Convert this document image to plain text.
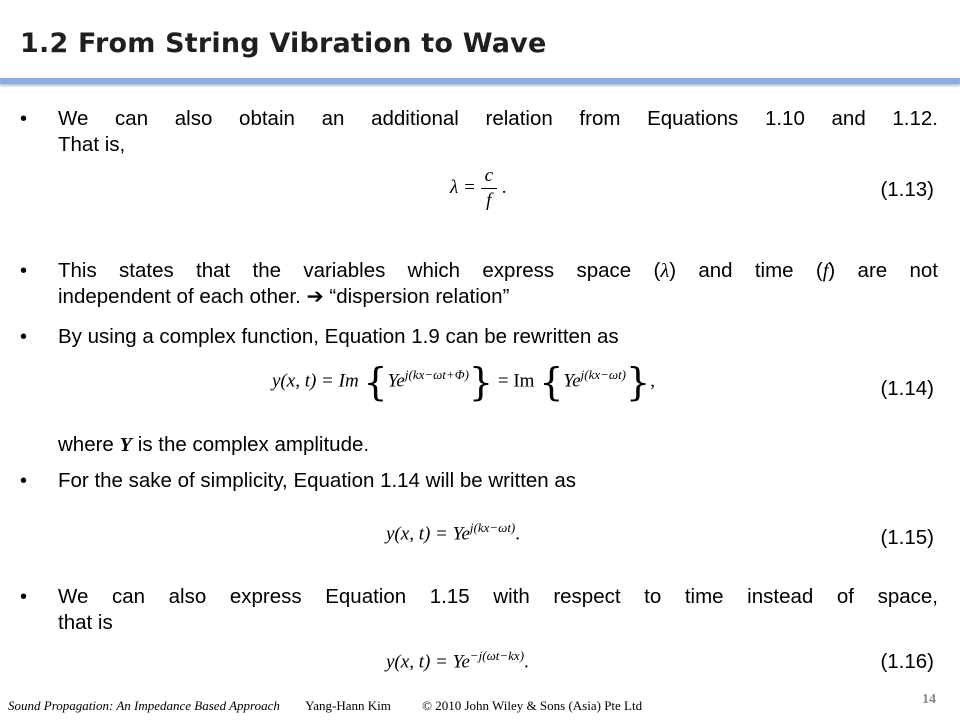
1.2 From String Vibration to Wave
• We can also obtain an additional relation from Equations 1.10 and 1.12.
That is,
$\lambda = \frac{c}{f}$ .	(1.13)
• This states that the variables which express space (λ) and time (f) are not
independent of each other. ➔ “dispersion relation”
• By using a complex function, Equation 1.9 can be rewritten as
y(x, t) = Im $\{Ye^{j(kx-\omega t+\Phi)}\} = Im$ $\{Ye^{j(kx-\omega t)}\}$,	(1.14)
where Y is the complex amplitude.
• For the sake of simplicity, Equation 1.14 will be written as
y(x, $t) = Ye^{j(kx-\omega t)}$.	(1.15)
• We can also express Equation 1.15 with respect to time instead of space,
that is
y(x, $t) = Ye^{-j(\omega t-kx)}$.	(1.16)
Sound Propagation: An Impedance Based Approach Yang-Hann Kim © 2010 John Wiley & Sons (Asia) Pte Ltd	14
